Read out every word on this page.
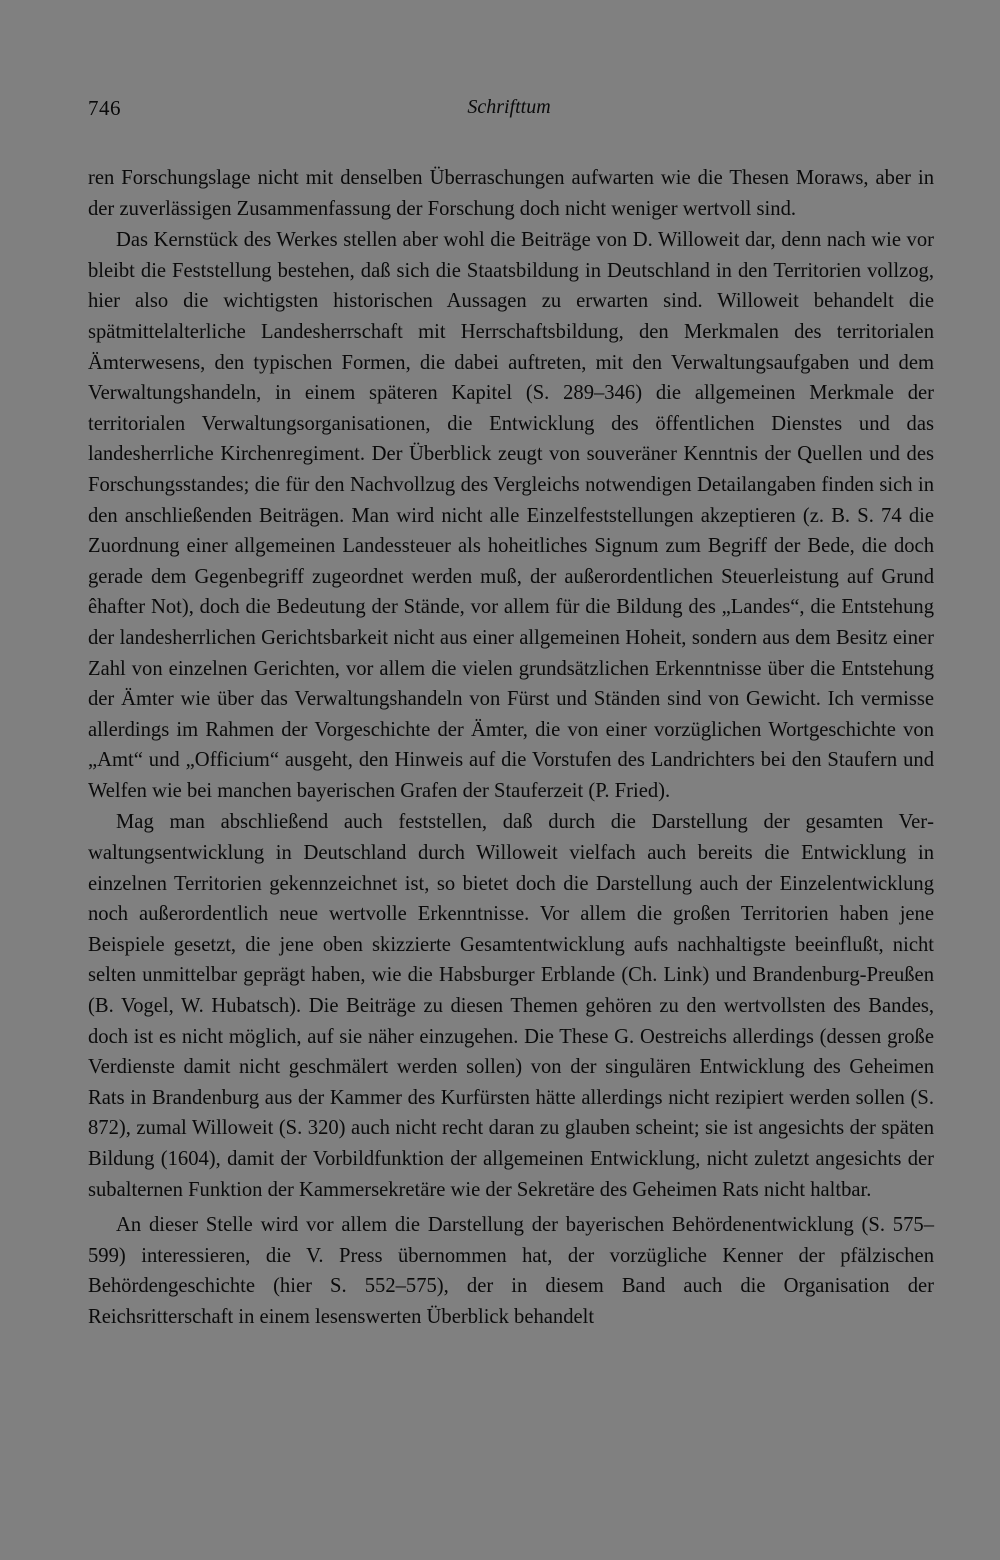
746	Schrifttum

ren Forschungslage nicht mit denselben Überraschungen aufwarten wie die Thesen Moraws, aber in der zuverlässigen Zusammenfassung der Forschung doch nicht weniger wertvoll sind.

Das Kernstück des Werkes stellen aber wohl die Beiträge von D. Willoweit dar, denn nach wie vor bleibt die Feststellung bestehen, daß sich die Staatsbildung in Deutschland in den Territorien vollzog, hier also die wichtigsten historischen Aussagen zu erwarten sind. Willoweit behandelt die spätmittelalterliche Landesherrschaft mit Herrschaftsbildung, den Merkmalen des territorialen Ämterwesens, den typischen Formen, die dabei auftreten, mit den Verwaltungsaufgaben und dem Verwaltungshandeln, in einem späteren Kapitel (S. 289–346) die allgemeinen Merkmale der territorialen Verwaltungsorganisationen, die Entwicklung des öffentlichen Dienstes und das landesherrliche Kirchenregiment. Der Überblick zeugt von souveräner Kenntnis der Quellen und des Forschungsstandes; die für den Nachvollzug des Vergleichs notwendigen Detailangaben finden sich in den anschließenden Beiträgen. Man wird nicht alle Einzelfeststellungen akzeptieren (z. B. S. 74 die Zuordnung einer allgemeinen Landessteuer als hoheitliches Signum zum Begriff der Bede, die doch gerade dem Gegenbegriff zugeordnet werden muß, der außerordentlichen Steuerleistung auf Grund êhafter Not), doch die Bedeutung der Stände, vor allem für die Bildung des „Landes“, die Entstehung der landesherrlichen Gerichtsbarkeit nicht aus einer allgemeinen Hoheit, sondern aus dem Besitz einer Zahl von einzelnen Gerichten, vor allem die vielen grundsätzlichen Erkenntnisse über die Entstehung der Ämter wie über das Verwaltungshandeln von Fürst und Ständen sind von Gewicht. Ich vermisse allerdings im Rahmen der Vorgeschichte der Ämter, die von einer vorzüglichen Wortgeschichte von „Amt“ und „Officium“ ausgeht, den Hinweis auf die Vorstufen des Landrichters bei den Staufern und Welfen wie bei manchen bayerischen Grafen der Stauferzeit (P. Fried).

Mag man abschließend auch feststellen, daß durch die Darstellung der gesamten Verwaltungsentwicklung in Deutschland durch Willoweit vielfach auch bereits die Entwicklung in einzelnen Territorien gekennzeichnet ist, so bietet doch die Darstellung auch der Einzelentwicklung noch außerordentlich neue wertvolle Erkenntnisse. Vor allem die großen Territorien haben jene Beispiele gesetzt, die jene oben skizzierte Gesamtentwicklung aufs nachhaltigste beeinflußt, nicht selten unmittelbar geprägt haben, wie die Habsburger Erblande (Ch. Link) und Brandenburg-Preußen (B. Vogel, W. Hubatsch). Die Beiträge zu diesen Themen gehören zu den wertvollsten des Bandes, doch ist es nicht möglich, auf sie näher einzugehen. Die These G. Oestreichs allerdings (dessen große Verdienste damit nicht geschmälert werden sollen) von der singulären Entwicklung des Geheimen Rats in Brandenburg aus der Kammer des Kurfürsten hätte allerdings nicht rezipiert werden sollen (S. 872), zumal Willoweit (S. 320) auch nicht recht daran zu glauben scheint; sie ist angesichts der späten Bildung (1604), damit der Vorbildfunktion der allgemeinen Entwicklung, nicht zuletzt angesichts der subalternen Funktion der Kammersekretäre wie der Sekretäre des Geheimen Rats nicht haltbar.

An dieser Stelle wird vor allem die Darstellung der bayerischen Behördenentwicklung (S. 575–599) interessieren, die V. Press übernommen hat, der vorzügliche Kenner der pfälzischen Behördengeschichte (hier S. 552–575), der in diesem Band auch die Organisation der Reichsritterschaft in einem lesenswerten Überblick behandelt
